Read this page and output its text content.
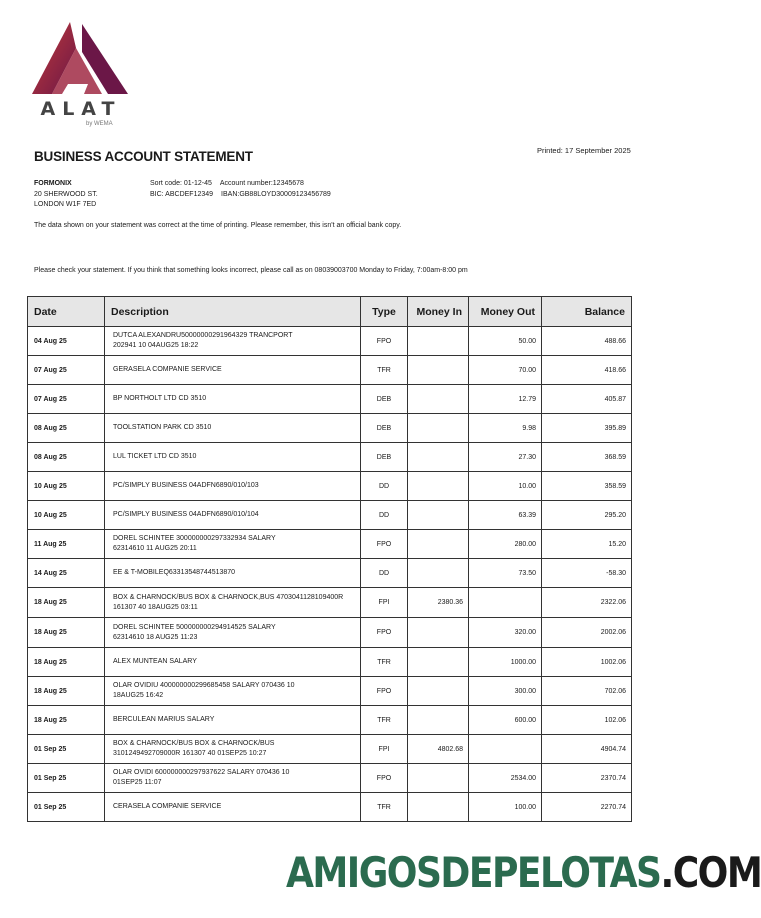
ALAT
by WEMA
Printed: 17 September 2025
BUSINESS ACCOUNT STATEMENT
FORMONIX
20 SHERWOOD ST.
LONDON W1F 7ED
Sort code: 01-12-45 Account number:12345678
BIC: ABCDEF12349 IBAN:GB88LOYD30009123456789
The data shown on your statement was correct at the time of printing. Please remember, this isn't an official bank copy.
Please check your statement. If you think that something looks incorrect, please call as on 08039003700 Monday to Friday, 7:00am-8:00 pm
Date	Description	Type	Money In	Money Out	Balance
04 Aug 25	DUTCA ALEXANDRU50000000291964329 TRANCPORT
202941 10 04AUG25 18:22	FPO		50.00	488.66
07 Aug 25	GERASELA COMPANIE SERVICE	TFR		70.00	418.66
07 Aug 25	BP NORTHOLT LTD CD 3510	DEB		12.79	405.87
08 Aug 25	TOOLSTATION PARK CD 3510	DEB		9.98	395.89
08 Aug 25	LUL TICKET LTD CD 3510	DEB		27.30	368.59
10 Aug 25	PC/SIMPLY BUSINESS 04ADFN6890/010/103	DD		10.00	358.59
10 Aug 25	PC/SIMPLY BUSINESS 04ADFN6890/010/104	DD		63.39	295.20
11 Aug 25	DOREL SCHINTEE 300000000297332934 SALARY
62314610 11 AUG25 20:11	FPO		280.00	15.20
14 Aug 25	EE & T-MOBILEQ63313548744513870	DD		73.50	-58.30
18 Aug 25	BOX & CHARNOCK/BUS BOX & CHARNOCK,BUS 4703041128109400R
161307 40 18AUG25 03:11	FPI	2380.36		2322.06
18 Aug 25	DOREL SCHINTEE 500000000294914525 SALARY
62314610 18 AUG25 11:23	FPO		320.00	2002.06
18 Aug 25	ALEX MUNTEAN SALARY	TFR		1000.00	1002.06
18 Aug 25	OLAR OVIDIU 400000000299685458 SALARY 070436 10
18AUG25 16:42	FPO		300.00	702.06
18 Aug 25	BERCULEAN MARIUS SALARY	TFR		600.00	102.06
01 Sep 25	BOX & CHARNOCK/BUS BOX & CHARNOCK/BUS
3101249492709000R 161307 40 01SEP25 10:27	FPI	4802.68		4904.74
01 Sep 25	OLAR OVIDI 600000000297937622 SALARY 070436 10
01SEP25 11:07	FPO		2534.00	2370.74
01 Sep 25	CERASELA COMPANIE SERVICE	TFR		100.00	2270.74
AMIGOSDEPELOTAS.COM
